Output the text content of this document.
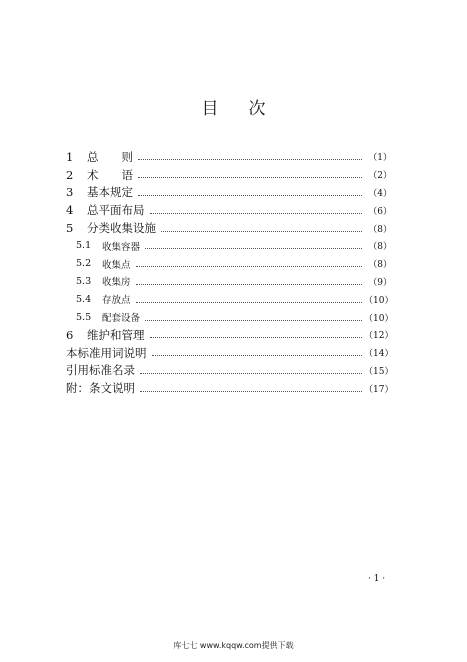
目次
1	总　　则	（1）
2	术　　语	（2）
3	基本规定	（4）
4	总平面布局	（6）
5	分类收集设施	（8）
5.1	收集容器	（8）
5.2	收集点	（8）
5.3	收集房	（9）
5.4	存放点	（10）
5.5	配套设备	（10）
6	维护和管理	（12）
本标准用词说明	（14）
引用标准名录	（15）
附：条文说明	（17）
· 1 ·
库七七 www.kqqw.com提供下载
